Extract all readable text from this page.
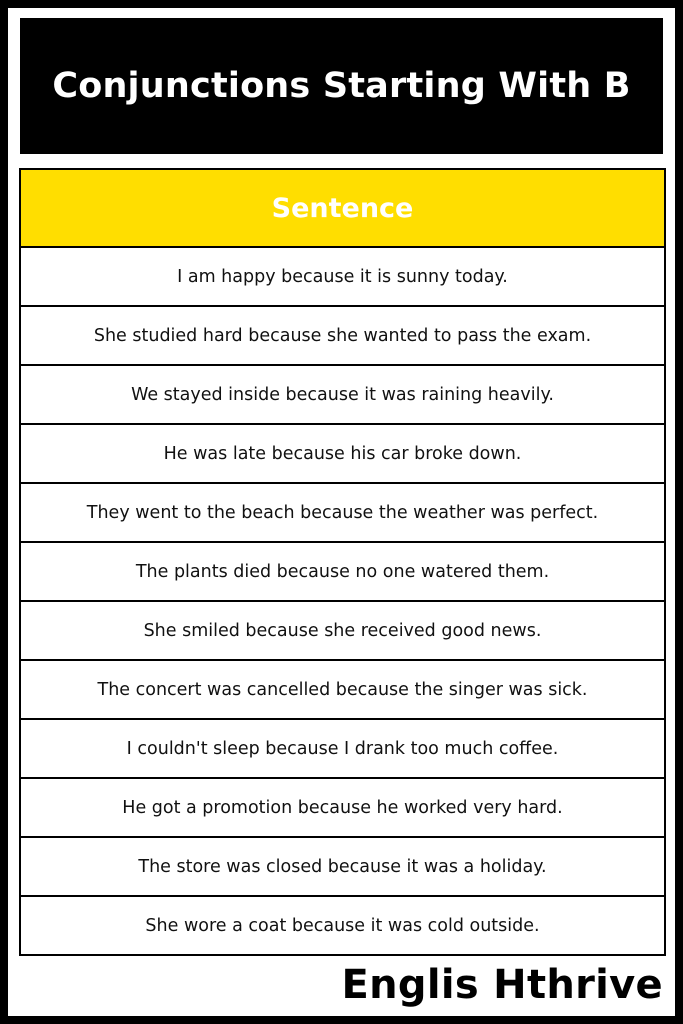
Conjunctions Starting With B
Sentence
I am happy because it is sunny today.
She studied hard because she wanted to pass the exam.
We stayed inside because it was raining heavily.
He was late because his car broke down.
They went to the beach because the weather was perfect.
The plants died because no one watered them.
She smiled because she received good news.
The concert was cancelled because the singer was sick.
I couldn't sleep because I drank too much coffee.
He got a promotion because he worked very hard.
The store was closed because it was a holiday.
She wore a coat because it was cold outside.
Englis Hthrive
